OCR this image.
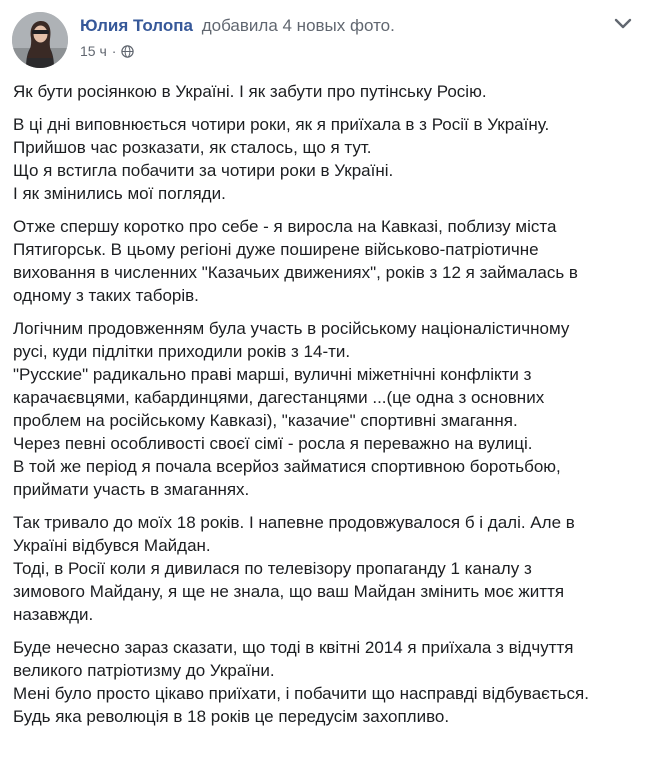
Юлия Толопа добавила 4 новых фото.
15 ч ·

Як бути росіянкою в Україні. І як забути про путінську Росію.

В ці дні виповнюється чотири роки, як я приїхала в з Росії в Україну.
Прийшов час розказати, як сталось, що я тут.
Що я встигла побачити за чотири роки в Україні.
І як змінились мої погляди.

Отже спершу коротко про себе - я виросла на Кавказі, поблизу міста
Пятигорськ. В цьому регіоні дуже поширене військово-патріотичне
виховання в численних "Казачьих движениях", років з 12 я займалась в
одному з таких таборів.

Логічним продовженням була участь в російському націоналістичному
русі, куди підлітки приходили років з 14-ти.
"Русские" радикально праві марші, вуличні міжетнічні конфлікти з
карачаєвцями, кабардинцями, дагестанцями ...(це одна з основних
проблем на російському Кавказі), "казачие" спортивні змагання.
Через певні особливості своєї сімї - росла я переважно на вулиці.
В той же період я почала всерйоз займатися спортивною боротьбою,
приймати участь в змаганнях.

Так тривало до моїх 18 років. І напевне продовжувалося б і далі. Але в
Україні відбувся Майдан.
Тоді, в Росії коли я дивилася по телевізору пропаганду 1 каналу з
зимового Майдану, я ще не знала, що ваш Майдан змінить моє життя
назавжди.

Буде нечесно зараз сказати, що тоді в квітні 2014 я приїхала з відчуття
великого патріотизму до України.
Мені було просто цікаво приїхати, і побачити що насправді відбувається.
Будь яка революція в 18 років це передусім захопливо.
